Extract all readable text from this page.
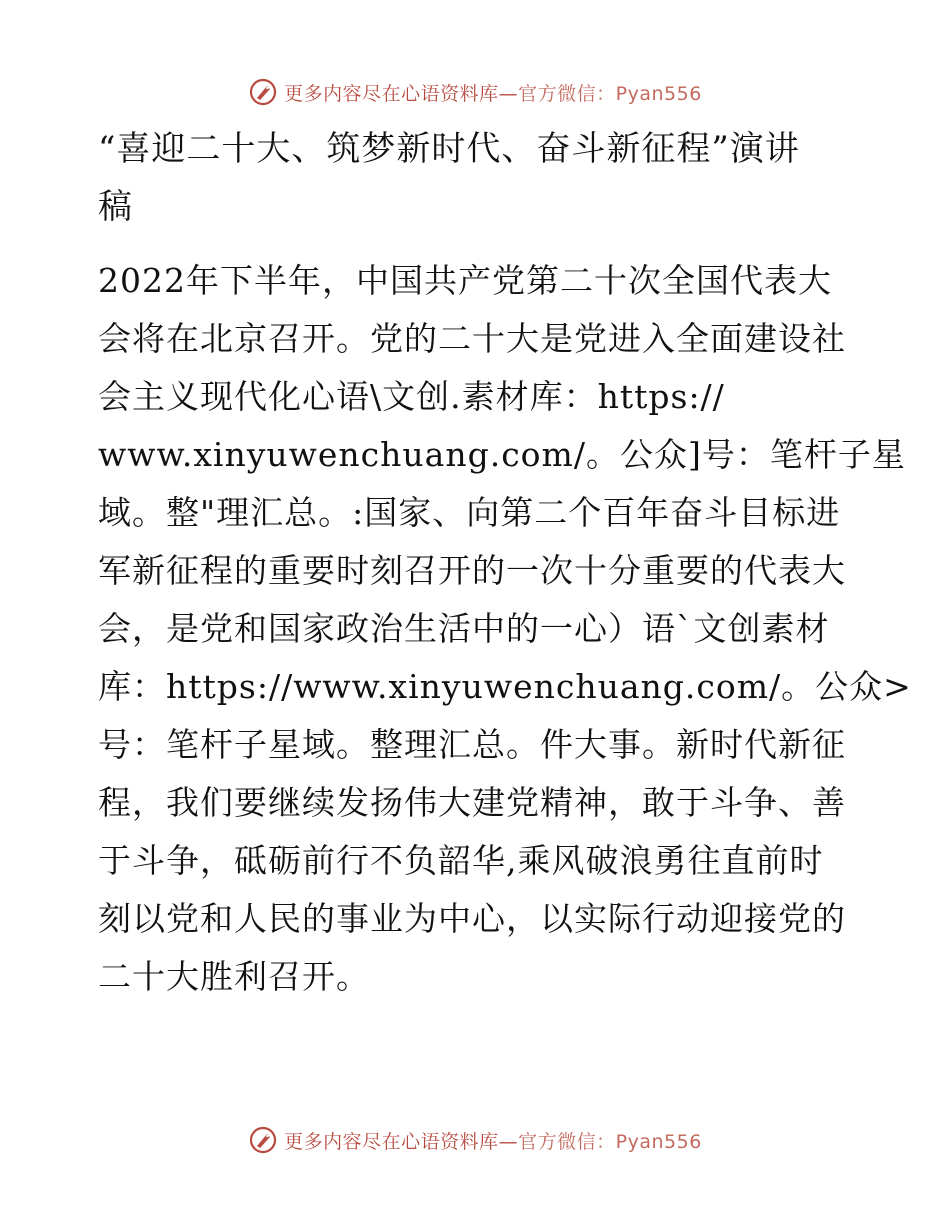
更多内容尽在心语资料库—官方微信：Pyan556
“喜迎二十大、筑梦新时代、奋斗新征程”演讲
稿
2022年下半年，中国共产党第二十次全国代表大
会将在北京召开。党的二十大是党进入全面建设社
会主义现代化心语\文创.素材库：https://
www.xinyuwenchuang.com/。公众]号：笔杆子星
域。整"理汇总。:国家、向第二个百年奋斗目标进
军新征程的重要时刻召开的一次十分重要的代表大
会，是党和国家政治生活中的一心）语`文创素材
库：https://www.xinyuwenchuang.com/。公众>
号：笔杆子星域。整理汇总。件大事。新时代新征
程，我们要继续发扬伟大建党精神，敢于斗争、善
于斗争，砥砺前行不负韶华,乘风破浪勇往直前时
刻以党和人民的事业为中心，以实际行动迎接党的
二十大胜利召开。
更多内容尽在心语资料库—官方微信：Pyan556
